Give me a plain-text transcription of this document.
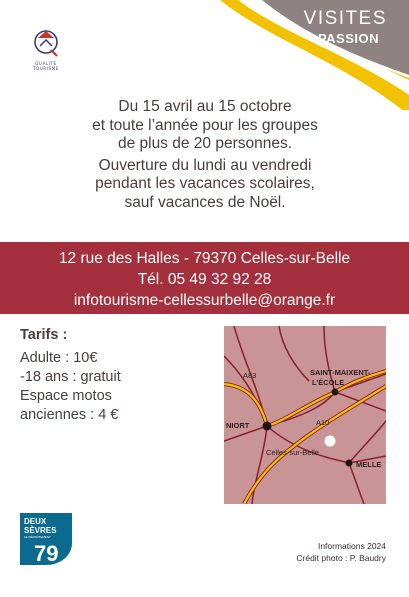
VISITES
PASSION
QUALITÉ TOURISME

Du 15 avril au 15 octobre

et toute l’année pour les groupes

de plus de 20 personnes.

Ouverture du lundi au vendredi

pendant les vacances scolaires,

sauf vacances de Noël.

12 rue des Halles - 79370 Celles-sur-Belle
Tél. 05 49 32 92 28
infotourisme-cellessurbelle@orange.fr
Tarifs :
Adulte : 10€
-18 ans : gratuit
Espace motos
anciennes : 4 €
A83
A10
SAINT-MAIXENT-
L’ÉCOLE
NIORT
Celles-sur-Belle
MELLE
DEUX
SÈVRES
LE DÉPARTEMENT
79	Informations 2024
Crédit photo : P. Baudry
